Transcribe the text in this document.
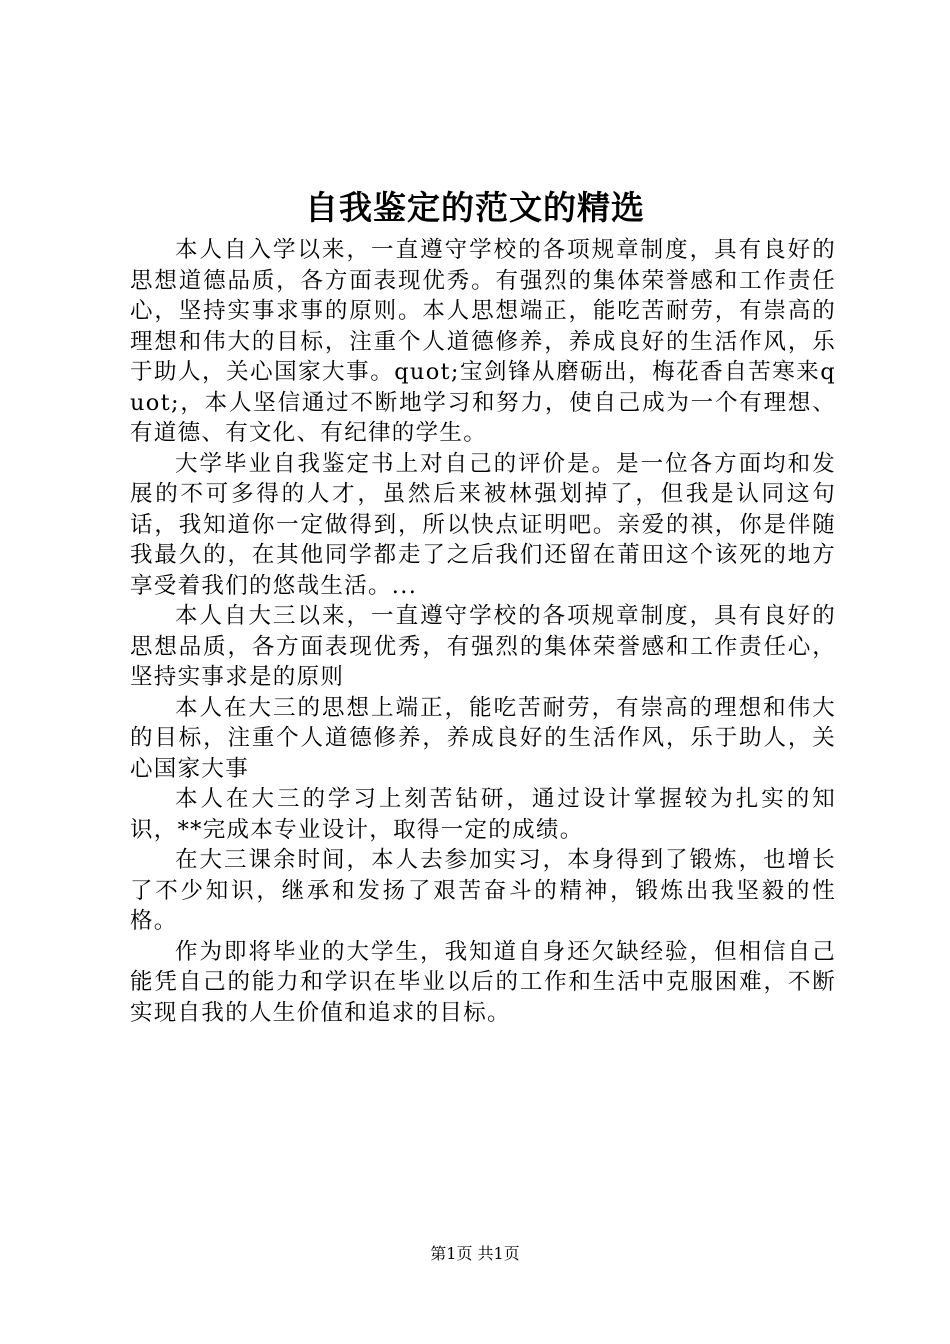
自我鉴定的范文的精选

本人自入学以来，一直遵守学校的各项规章制度，具有良好的思想道德品质，各方面表现优秀。有强烈的集体荣誉感和工作责任心，坚持实事求事的原则。本人思想端正，能吃苦耐劳，有崇高的理想和伟大的目标，注重个人道德修养，养成良好的生活作风，乐于助人，关心国家大事。quot;宝剑锋从磨砺出，梅花香自苦寒来quot;，本人坚信通过不断地学习和努力，使自己成为一个有理想、有道德、有文化、有纪律的学生。

大学毕业自我鉴定书上对自己的评价是。是一位各方面均和发展的不可多得的人才，虽然后来被林强划掉了，但我是认同这句话，我知道你一定做得到，所以快点证明吧。亲爱的祺，你是伴随我最久的，在其他同学都走了之后我们还留在莆田这个该死的地方享受着我们的悠哉生活。...

本人自大三以来，一直遵守学校的各项规章制度，具有良好的思想品质，各方面表现优秀，有强烈的集体荣誉感和工作责任心，坚持实事求是的原则

本人在大三的思想上端正，能吃苦耐劳，有崇高的理想和伟大的目标，注重个人道德修养，养成良好的生活作风，乐于助人，关心国家大事

本人在大三的学习上刻苦钻研，通过设计掌握较为扎实的知识，**完成本专业设计，取得一定的成绩。

在大三课余时间，本人去参加实习，本身得到了锻炼，也增长了不少知识，继承和发扬了艰苦奋斗的精神，锻炼出我坚毅的性格。

作为即将毕业的大学生，我知道自身还欠缺经验，但相信自己能凭自己的能力和学识在毕业以后的工作和生活中克服困难，不断实现自我的人生价值和追求的目标。

第1页 共1页
